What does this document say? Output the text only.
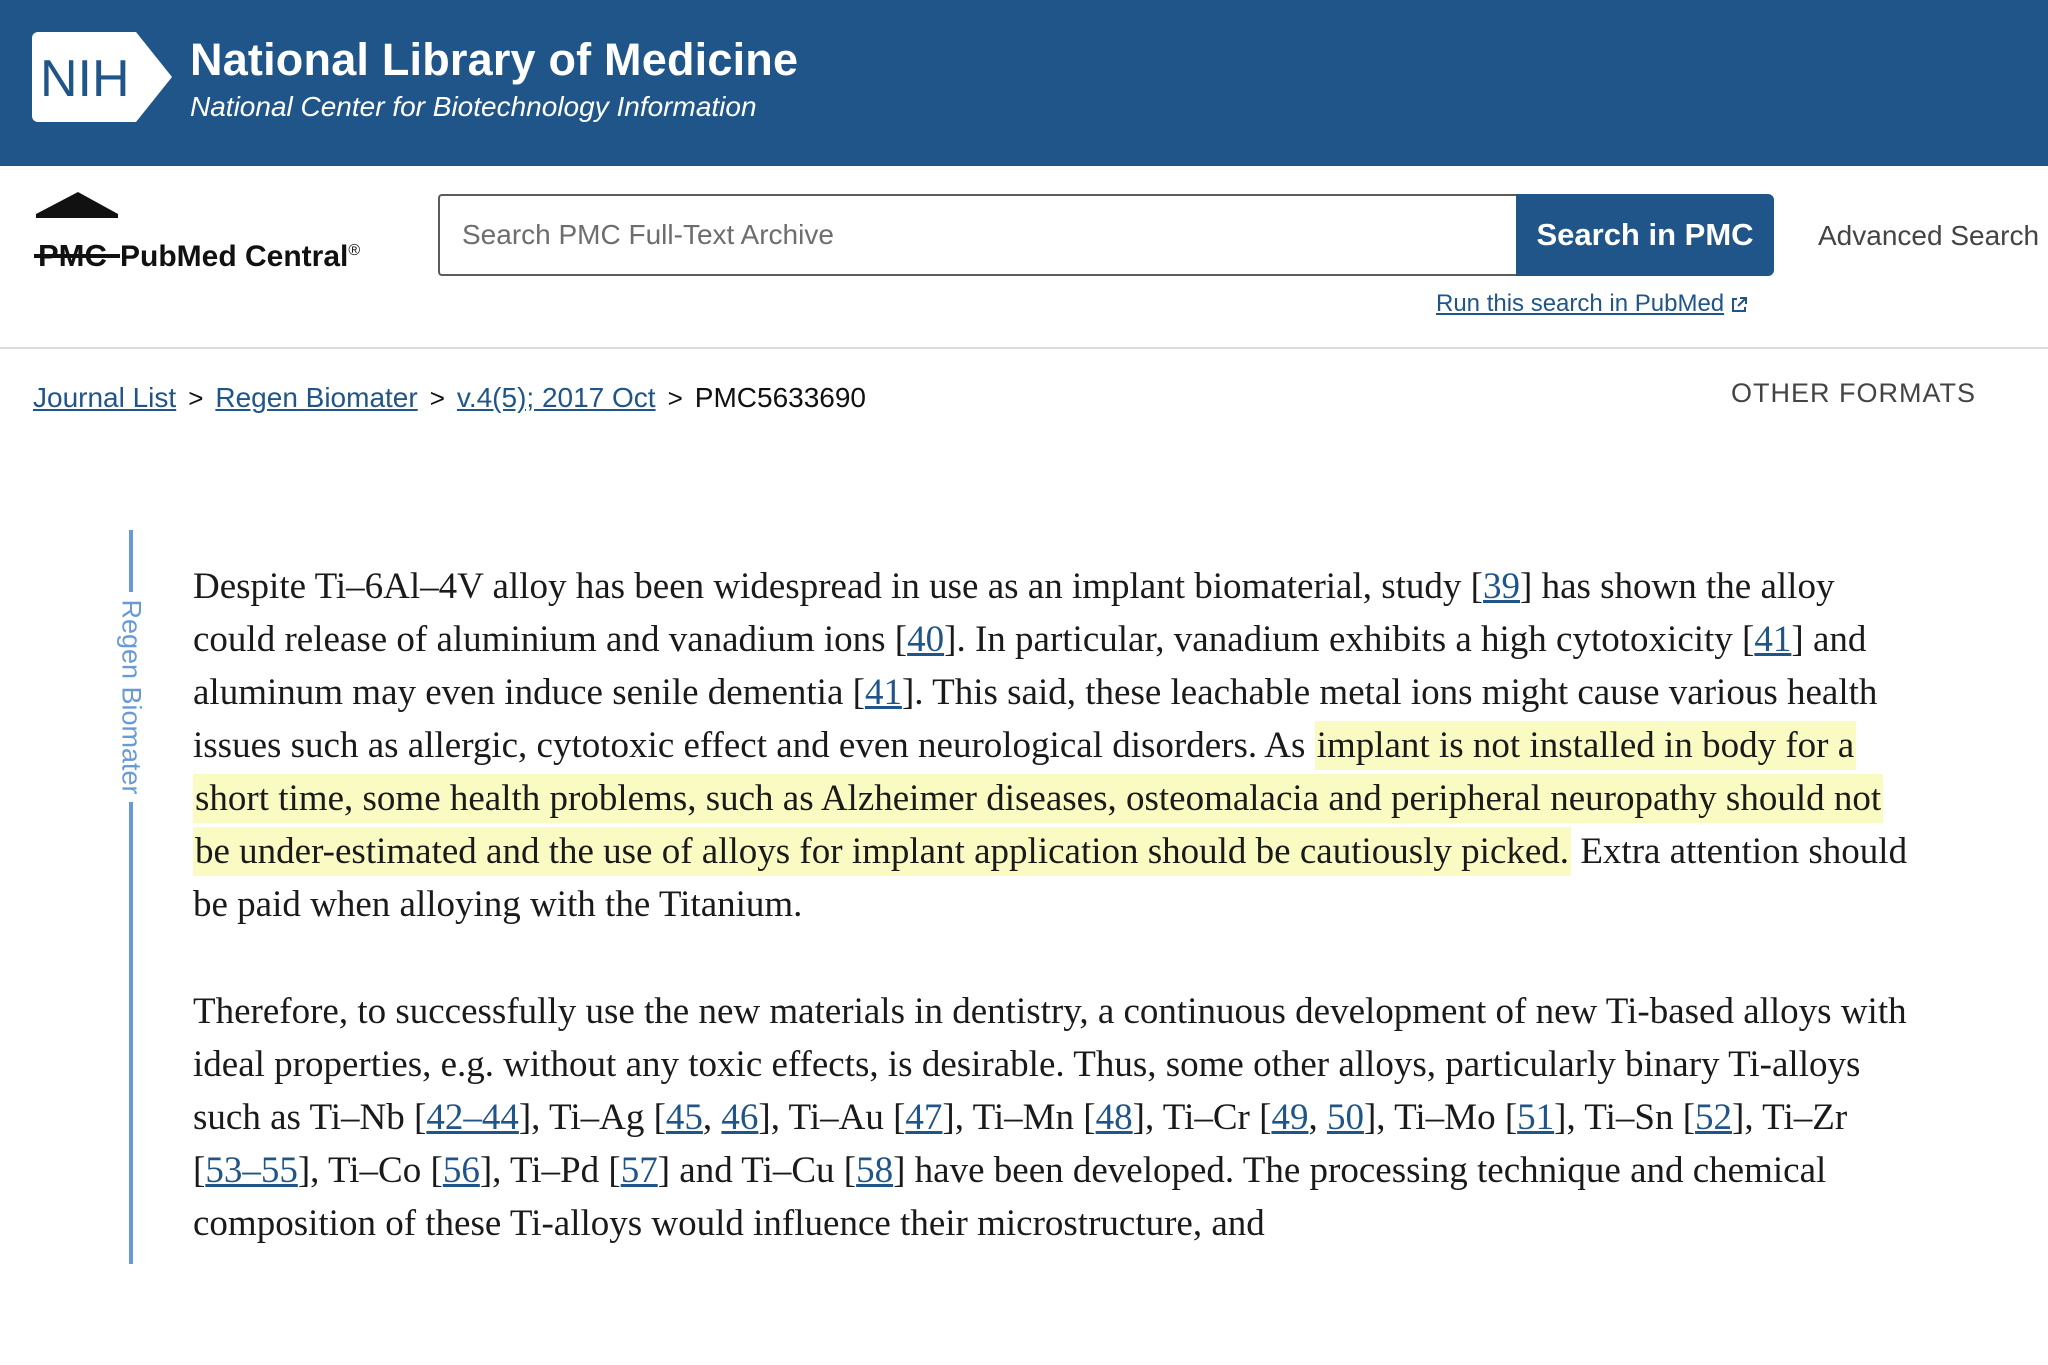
NIH National Library of Medicine
National Center for Biotechnology Information
PMC PubMed Central®
Search PMC Full-Text Archive	Search in PMC	Advanced Search
Run this search in PubMed
Journal List > Regen Biomater > v.4(5); 2017 Oct > PMC5633690	OTHER FORMATS
Regen Biomater

Despite Ti–6Al–4V alloy has been widespread in use as an implant biomaterial, study [39] has shown the alloy could release of aluminium and vanadium ions [40]. In particular, vanadium exhibits a high cytotoxicity [41] and aluminum may even induce senile dementia [41]. This said, these leachable metal ions might cause various health issues such as allergic, cytotoxic effect and even neurological disorders. As implant is not installed in body for a short time, some health problems, such as Alzheimer diseases, osteomalacia and peripheral neuropathy should not be under-estimated and the use of alloys for implant application should be cautiously picked. Extra attention should be paid when alloying with the Titanium.

Therefore, to successfully use the new materials in dentistry, a continuous development of new Ti-based alloys with ideal properties, e.g. without any toxic effects, is desirable. Thus, some other alloys, particularly binary Ti-alloys such as Ti–Nb [42–44], Ti–Ag [45, 46], Ti–Au [47], Ti–Mn [48], Ti–Cr [49, 50], Ti–Mo [51], Ti–Sn [52], Ti–Zr [53–55], Ti–Co [56], Ti–Pd [57] and Ti–Cu [58] have been developed. The processing technique and chemical composition of these Ti-alloys would influence their microstructure, and
